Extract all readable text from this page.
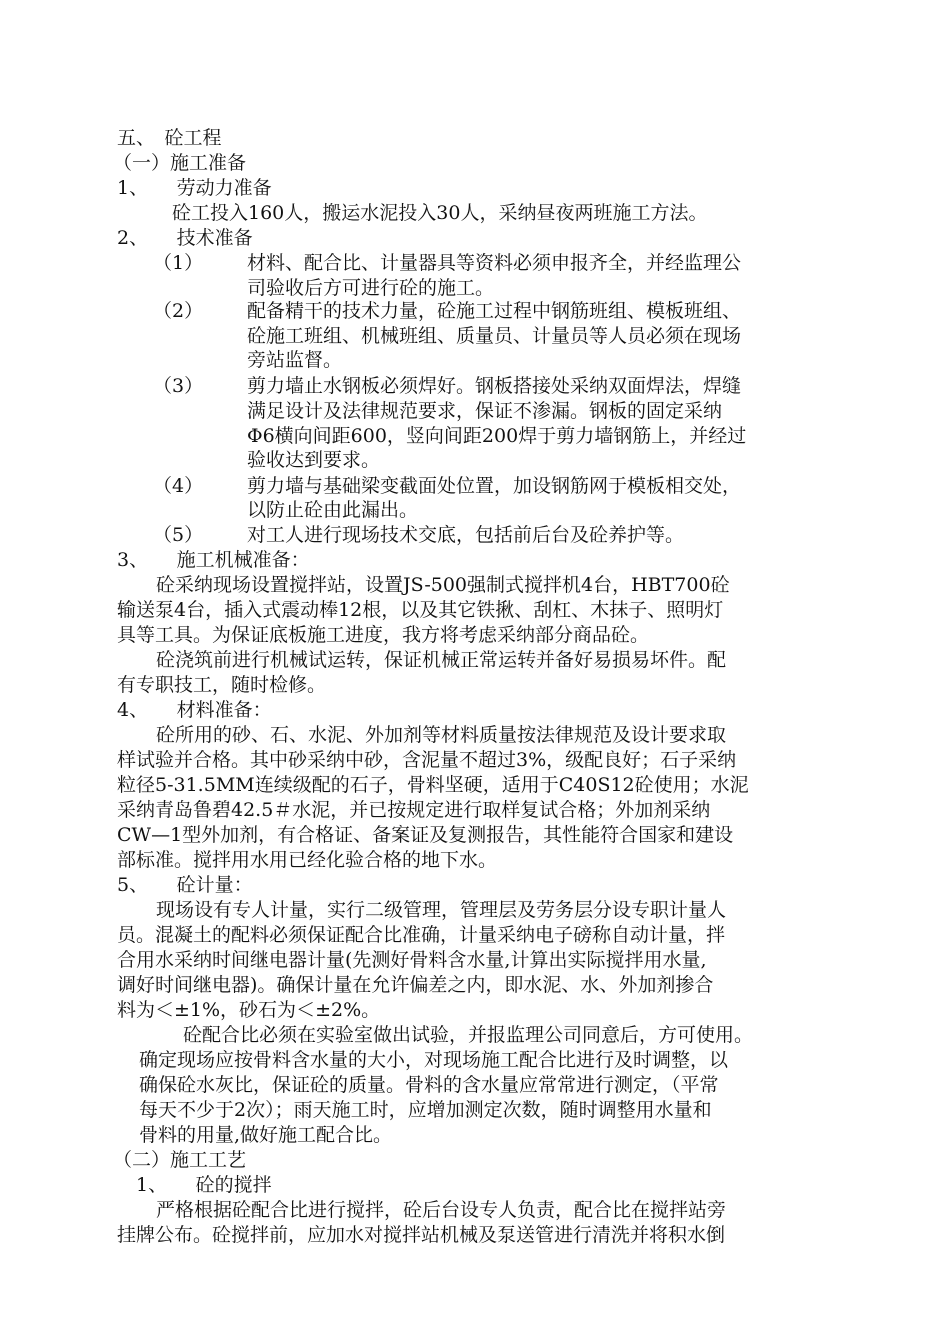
五、　砼工程
（一）施工准备
1、　　劳动力准备
砼工投入160人，搬运水泥投入30人，采纳昼夜两班施工方法。
2、　　技术准备
（1） 材料、配合比、计量器具等资料必须申报齐全，并经监理公
司验收后方可进行砼的施工。
（2） 配备精干的技术力量，砼施工过程中钢筋班组、模板班组、
砼施工班组、机械班组、质量员、计量员等人员必须在现场
旁站监督。
（3） 剪力墙止水钢板必须焊好。钢板搭接处采纳双面焊法，焊缝
满足设计及法律规范要求，保证不渗漏。钢板的固定采纳
Φ6横向间距600，竖向间距200焊于剪力墙钢筋上，并经过
验收达到要求。
（4） 剪力墙与基础梁变截面处位置，加设钢筋网于模板相交处，
以防止砼由此漏出。
（5） 对工人进行现场技术交底，包括前后台及砼养护等。
3、　　施工机械准备：
砼采纳现场设置搅拌站，设置JS-500强制式搅拌机4台，HBT700砼
输送泵4台，插入式震动棒12根，以及其它铁揪、刮杠、木抹子、照明灯
具等工具。为保证底板施工进度，我方将考虑采纳部分商品砼。
砼浇筑前进行机械试运转，保证机械正常运转并备好易损易坏件。配
有专职技工，随时检修。
4、　　材料准备：
砼所用的砂、石、水泥、外加剂等材料质量按法律规范及设计要求取
样试验并合格。其中砂采纳中砂，含泥量不超过3%，级配良好；石子采纳
粒径5-31.5MM连续级配的石子，骨料坚硬，适用于C40S12砼使用；水泥
采纳青岛鲁碧42.5＃水泥，并已按规定进行取样复试合格；外加剂采纳
CW—1型外加剂，有合格证、备案证及复测报告，其性能符合国家和建设
部标准。搅拌用水用已经化验合格的地下水。
5、　　砼计量：
现场设有专人计量，实行二级管理，管理层及劳务层分设专职计量人
员。混凝土的配料必须保证配合比准确，计量采纳电子磅称自动计量，拌
合用水采纳时间继电器计量(先测好骨料含水量,计算出实际搅拌用水量,
调好时间继电器)。确保计量在允许偏差之内，即水泥、水、外加剂掺合
料为＜±1%，砂石为＜±2%。
砼配合比必须在实验室做出试验，并报监理公司同意后，方可使用。
确定现场应按骨料含水量的大小，对现场施工配合比进行及时调整，以
确保砼水灰比，保证砼的质量。骨料的含水量应常常进行测定，（平常
每天不少于2次）；雨天施工时，应增加测定次数，随时调整用水量和
骨料的用量,做好施工配合比。
（二）施工工艺
1、　　砼的搅拌
严格根据砼配合比进行搅拌，砼后台设专人负责，配合比在搅拌站旁
挂牌公布。砼搅拌前，应加水对搅拌站机械及泵送管进行清洗并将积水倒
